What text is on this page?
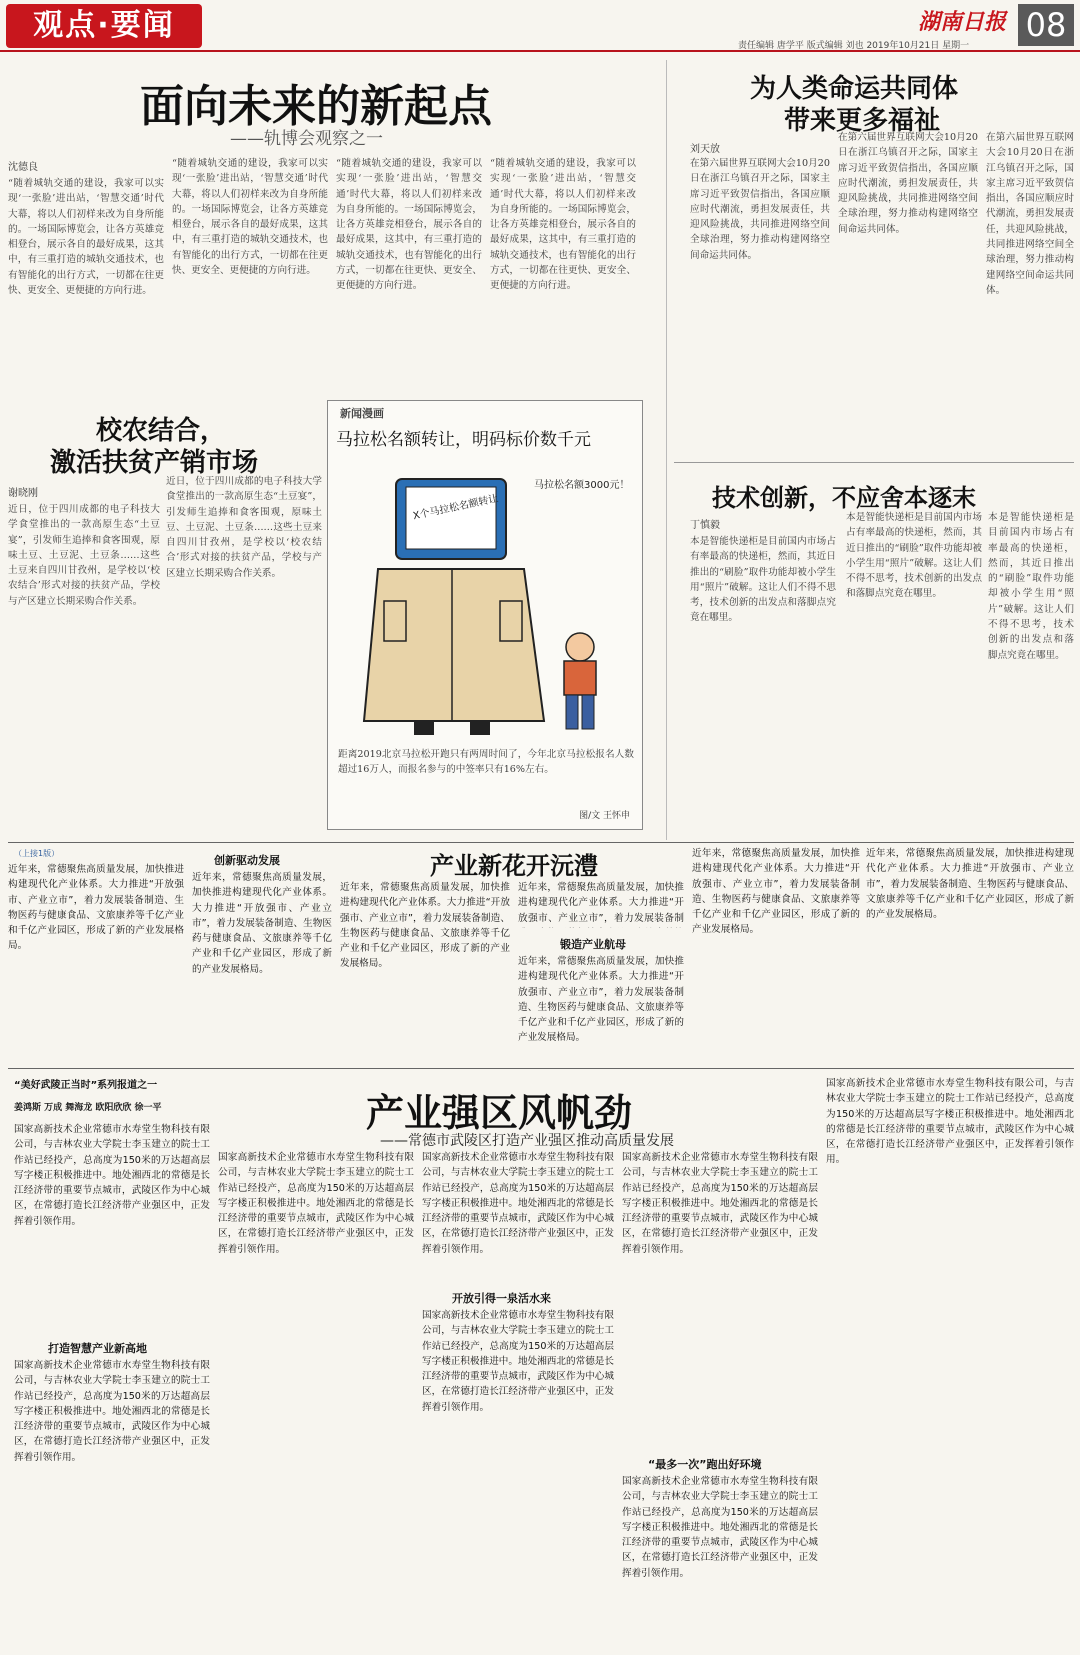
观点·要闻
责任编辑 唐学平 版式编辑 刘也 2019年10月21日 星期一
湖南日报 08
面向未来的新起点
——轨博会观察之一
沈德良
“随着城轨交通的建设，我家可以实现‘一张脸’进出站，‘智慧交通’时代大幕，将以人们初样来改为自身所能的。一场国际博览会，让各方英雄竞相登台，展示各自的最好成果，这其中，有三重打造的城轨交通技术，也有智能化的出行方式，一切都在往更快、更安全、更便捷的方向行进。
“随着城轨交通的建设，我家可以实现‘一张脸’进出站，‘智慧交通’时代大幕，将以人们初样来改为自身所能的。一场国际博览会，让各方英雄竞相登台，展示各自的最好成果，这其中，有三重打造的城轨交通技术，也有智能化的出行方式，一切都在往更快、更安全、更便捷的方向行进。
“随着城轨交通的建设，我家可以实现‘一张脸’进出站，‘智慧交通’时代大幕，将以人们初样来改为自身所能的。一场国际博览会，让各方英雄竞相登台，展示各自的最好成果，这其中，有三重打造的城轨交通技术，也有智能化的出行方式，一切都在往更快、更安全、更便捷的方向行进。
“随着城轨交通的建设，我家可以实现‘一张脸’进出站，‘智慧交通’时代大幕，将以人们初样来改为自身所能的。一场国际博览会，让各方英雄竞相登台，展示各自的最好成果，这其中，有三重打造的城轨交通技术，也有智能化的出行方式，一切都在往更快、更安全、更便捷的方向行进。
为人类命运共同体
带来更多福祉
刘天放
在第六届世界互联网大会10月20日在浙江乌镇召开之际，国家主席习近平致贺信指出，各国应顺应时代潮流，勇担发展责任，共迎风险挑战，共同推进网络空间全球治理，努力推动构建网络空间命运共同体。
在第六届世界互联网大会10月20日在浙江乌镇召开之际，国家主席习近平致贺信指出，各国应顺应时代潮流，勇担发展责任，共迎风险挑战，共同推进网络空间全球治理，努力推动构建网络空间命运共同体。
在第六届世界互联网大会10月20日在浙江乌镇召开之际，国家主席习近平致贺信指出，各国应顺应时代潮流，勇担发展责任，共迎风险挑战，共同推进网络空间全球治理，努力推动构建网络空间命运共同体。
校农结合，
激活扶贫产销市场
谢晓刚
近日，位于四川成都的电子科技大学食堂推出的一款高原生态“土豆宴”，引发师生追捧和食客围观，原味土豆、土豆泥、土豆条……这些土豆来自四川甘孜州，是学校以‘校农结合’形式对接的扶贫产品，学校与产区建立长期采购合作关系。
近日，位于四川成都的电子科技大学食堂推出的一款高原生态“土豆宴”，引发师生追捧和食客围观，原味土豆、土豆泥、土豆条……这些土豆来自四川甘孜州，是学校以‘校农结合’形式对接的扶贫产品，学校与产区建立长期采购合作关系。
新闻漫画
马拉松名额转让，明码标价数千元
X个马拉松名额转让
马拉松名额3000元！
距离2019北京马拉松开跑只有两周时间了，今年北京马拉松报名人数超过16万人，而报名参与的中签率只有16%左右。
图/文 王怀申
技术创新，不应舍本逐末
丁慎毅
本是智能快递柜是目前国内市场占有率最高的快递柜，然而，其近日推出的“刷脸”取件功能却被小学生用“照片”破解。这让人们不得不思考，技术创新的出发点和落脚点究竟在哪里。
本是智能快递柜是目前国内市场占有率最高的快递柜，然而，其近日推出的“刷脸”取件功能却被小学生用“照片”破解。这让人们不得不思考，技术创新的出发点和落脚点究竟在哪里。
本是智能快递柜是目前国内市场占有率最高的快递柜，然而，其近日推出的“刷脸”取件功能却被小学生用“照片”破解。这让人们不得不思考，技术创新的出发点和落脚点究竟在哪里。
（上接1版）
近年来，常德聚焦高质量发展，加快推进构建现代化产业体系。大力推进“开放强市、产业立市”，着力发展装备制造、生物医药与健康食品、文旅康养等千亿产业和千亿产业园区，形成了新的产业发展格局。
创新驱动发展
近年来，常德聚焦高质量发展，加快推进构建现代化产业体系。大力推进“开放强市、产业立市”，着力发展装备制造、生物医药与健康食品、文旅康养等千亿产业和千亿产业园区，形成了新的产业发展格局。
产业新花开沅澧
近年来，常德聚焦高质量发展，加快推进构建现代化产业体系。大力推进“开放强市、产业立市”，着力发展装备制造、生物医药与健康食品、文旅康养等千亿产业和千亿产业园区，形成了新的产业发展格局。
近年来，常德聚焦高质量发展，加快推进构建现代化产业体系。大力推进“开放强市、产业立市”，着力发展装备制
锻造产业航母
近年来，常德聚焦高质量发展，加快推进构建现代化产业体系。大力推进“开放强市、产业立市”，着力发展装备制造、生物医药与健康食品、文旅康养等千亿产业和千亿产业园区，形成了新的产业发展格局。
近年来，常德聚焦高质量发展，加快推进构建现代化产业体系。大力推进“开放强市、产业立市”，着力发展装备制造、生物医药与健康食品、文旅康养等千亿产业和千亿产业园区，形成了新的产业发展格局。
近年来，常德聚焦高质量发展，加快推进构建现代化产业体系。大力推进“开放强市、产业立市”，着力发展装备制造、生物医药与健康食品、文旅康养等千亿产业和千亿产业园区，形成了新的产业发展格局。
“美好武陵正当时”系列报道之一
姜鸿斯 万成 舞海龙 欧阳欣欣 徐一平	产业强区风帆劲
——常德市武陵区打造产业强区推动高质量发展
国家高新技术企业常德市水寿堂生物科技有限公司，与吉林农业大学院士李玉建立的院士工作站已经投产，总高度为150米的万达超高层写字楼正积极推进中。地处湘西北的常德是长江经济带的重要节点城市，武陵区作为中心城区，在常德打造长江经济带产业强区中，正发挥着引领作用。
打造智慧产业新高地
国家高新技术企业常德市水寿堂生物科技有限公司，与吉林农业大学院士李玉建立的院士工作站已经投产，总高度为150米的万达超高层写字楼正积极推进中。地处湘西北的常德是长江经济带的重要节点城市，武陵区作为中心城区，在常德打造长江经济带产业强区中，正发挥着引领作用。
国家高新技术企业常德市水寿堂生物科技有限公司，与吉林农业大学院士李玉建立的院士工作站已经投产，总高度为150米的万达超高层写字楼正积极推进中。地处湘西北的常德是长江经济带的重要节点城市，武陵区作为中心城区，在常德打造长江经济带产业强区中，正发挥着引领作用。
国家高新技术企业常德市水寿堂生物科技有限公司，与吉林农业大学院士李玉建立的院士工作站已经投产，总高度为150米的万达超高层写字楼正积极推进中。地处湘西北的常德是长江经济带的重要节点城市，武陵区作为中心城区，在常德打造长江经济带产业强区中，正发挥着引领作用。
开放引得一泉活水来
国家高新技术企业常德市水寿堂生物科技有限公司，与吉林农业大学院士李玉建立的院士工作站已经投产，总高度为150米的万达超高层写字楼正积极推进中。地处湘西北的常德是长江经济带的重要节点城市，武陵区作为中心城区，在常德打造长江经济带产业强区中，正发挥着引领作用。
国家高新技术企业常德市水寿堂生物科技有限公司，与吉林农业大学院士李玉建立的院士工作站已经投产，总高度为150米的万达超高层写字楼正积极推进中。地处湘西北的常德是长江经济带的重要节点城市，武陵区作为中心城区，在常德打造长江经济带产业强区中，正发挥着引领作用。
“最多一次”跑出好环境
国家高新技术企业常德市水寿堂生物科技有限公司，与吉林农业大学院士李玉建立的院士工作站已经投产，总高度为150米的万达超高层写字楼正积极推进中。地处湘西北的常德是长江经济带的重要节点城市，武陵区作为中心城区，在常德打造长江经济带产业强区中，正发挥着引领作用。
国家高新技术企业常德市水寿堂生物科技有限公司，与吉林农业大学院士李玉建立的院士工作站已经投产，总高度为150米的万达超高层写字楼正积极推进中。地处湘西北的常德是长江经济带的重要节点城市，武陵区作为中心城区，在常德打造长江经济带产业强区中，正发挥着引领作用。
